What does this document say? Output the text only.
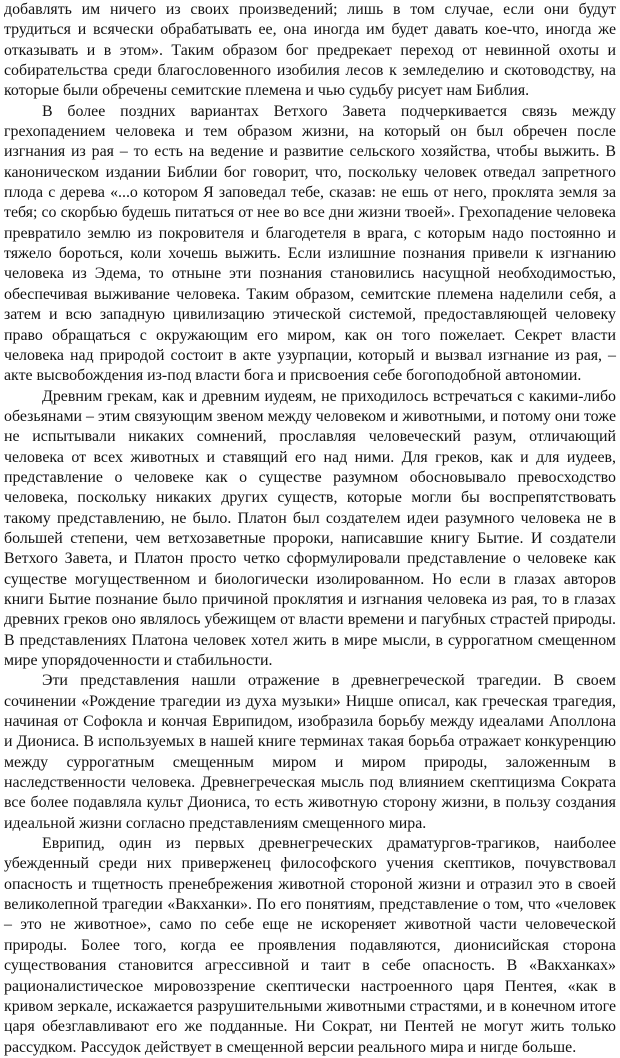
добавлять им ничего из своих произведений; лишь в том случае, если они будут трудиться и всячески обрабатывать ее, она иногда им будет давать кое-что, иногда же отказывать и в этом». Таким образом бог предрекает переход от невинной охоты и собирательства среди благословенного изобилия лесов к земледелию и скотоводству, на которые были обречены семитские племена и чью судьбу рисует нам Библия.

В более поздних вариантах Ветхого Завета подчеркивается связь между грехопадением человека и тем образом жизни, на который он был обречен после изгнания из рая – то есть на ведение и развитие сельского хозяйства, чтобы выжить. В каноническом издании Библии бог говорит, что, поскольку человек отведал запретного плода с дерева «...о котором Я заповедал тебе, сказав: не ешь от него, проклята земля за тебя; со скорбью будешь питаться от нее во все дни жизни твоей». Грехопадение человека превратило землю из покровителя и благодетеля в врага, с которым надо постоянно и тяжело бороться, коли хочешь выжить. Если излишние познания привели к изгнанию человека из Эдема, то отныне эти познания становились насущной необходимостью, обеспечивая выживание человека. Таким образом, семитские племена наделили себя, а затем и всю западную цивилизацию этической системой, предоставляющей человеку право обращаться с окружающим его миром, как он того пожелает. Секрет власти человека над природой состоит в акте узурпации, который и вызвал изгнание из рая, – акте высвобождения из-под власти бога и присвоения себе богоподобной автономии.

Древним грекам, как и древним иудеям, не приходилось встречаться с какими-либо обезьянами – этим связующим звеном между человеком и животными, и потому они тоже не испытывали никаких сомнений, прославляя человеческий разум, отличающий человека от всех животных и ставящий его над ними. Для греков, как и для иудеев, представление о человеке как о существе разумном обосновывало превосходство человека, поскольку никаких других существ, которые могли бы воспрепятствовать такому представлению, не было. Платон был создателем идеи разумного человека не в большей степени, чем ветхозаветные пророки, написавшие книгу Бытие. И создатели Ветхого Завета, и Платон просто четко сформулировали представление о человеке как существе могущественном и биологически изолированном. Но если в глазах авторов книги Бытие познание было причиной проклятия и изгнания человека из рая, то в глазах древних греков оно являлось убежищем от власти времени и пагубных страстей природы. В представлениях Платона человек хотел жить в мире мысли, в суррогатном смещенном мире упорядоченности и стабильности.

Эти представления нашли отражение в древнегреческой трагедии. В своем сочинении «Рождение трагедии из духа музыки» Ницше описал, как греческая трагедия, начиная от Софокла и кончая Еврипидом, изобразила борьбу между идеалами Аполлона и Диониса. В используемых в нашей книге терминах такая борьба отражает конкуренцию между суррогатным смещенным миром и миром природы, заложенным в наследственности человека. Древнегреческая мысль под влиянием скептицизма Сократа все более подавляла культ Диониса, то есть животную сторону жизни, в пользу создания идеальной жизни согласно представлениям смещенного мира.

Еврипид, один из первых древнегреческих драматургов-трагиков, наиболее убежденный среди них приверженец философского учения скептиков, почувствовал опасность и тщетность пренебрежения животной стороной жизни и отразил это в своей великолепной трагедии «Вакханки». По его понятиям, представление о том, что «человек – это не животное», само по себе еще не искореняет животной части человеческой природы. Более того, когда ее проявления подавляются, дионисийская сторона существования становится агрессивной и таит в себе опасность. В «Вакханках» рационалистическое мировоззрение скептически настроенного царя Пентея, «как в кривом зеркале, искажается разрушительными животными страстями, и в конечном итоге царя обезглавливают его же подданные. Ни Сократ, ни Пентей не могут жить только рассудком. Рассудок действует в смещенной версии реального мира и нигде больше.
